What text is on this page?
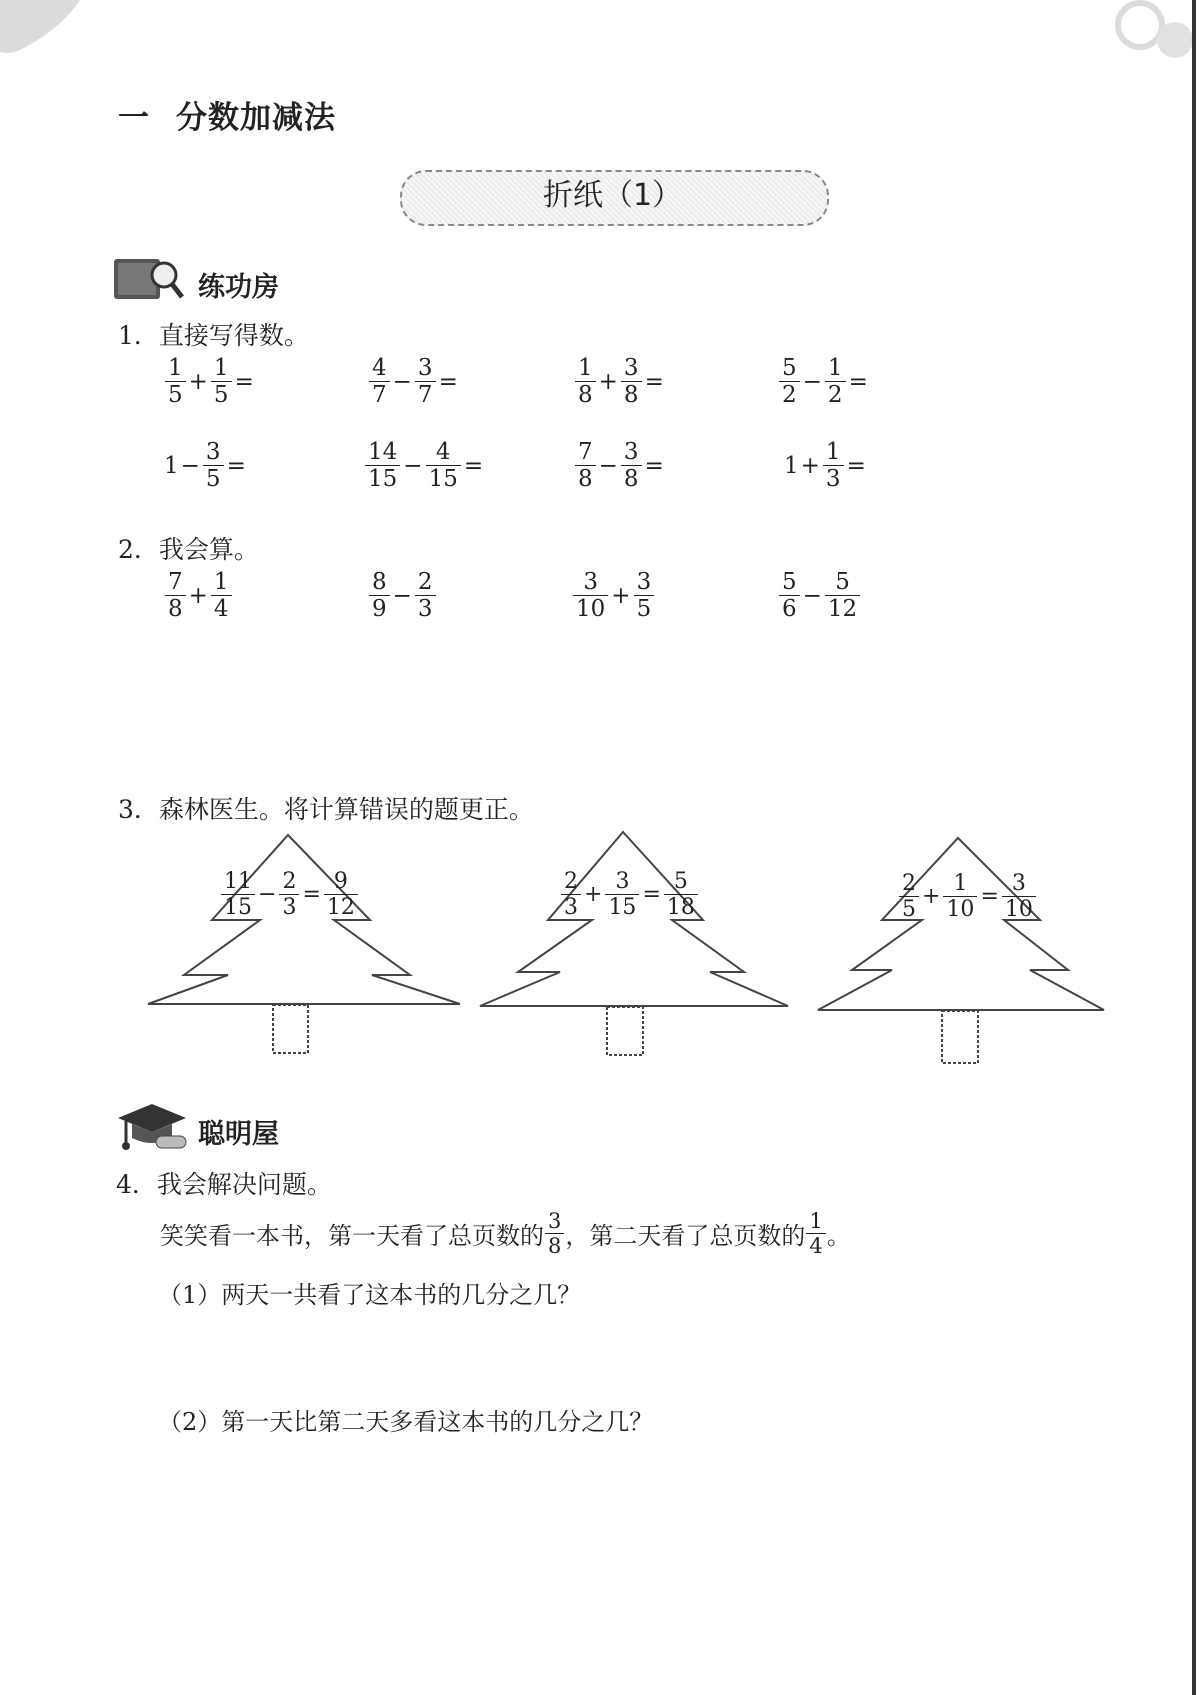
一 分数加减法
折纸（1）
练功房
1．直接写得数。
$\frac{1}{5} + \frac{1}{5}$ =	$\frac{4}{7} - \frac{3}{7}$ =	$\frac{1}{8} + \frac{3}{8}$ =	$\frac{5}{2} - \frac{1}{2}$ =
$1 - \frac{3}{5}$ =	$\frac{14}{15} - \frac{4}{15}$ =	$\frac{7}{8} - \frac{3}{8}$ =	$1 + \frac{1}{3}$ =
2．我会算。
$\frac{7}{8} + \frac{1}{4}$	$\frac{8}{9} - \frac{2}{3}$	$\frac{3}{10} + \frac{3}{5}$	$\frac{5}{6} - \frac{5}{12}$
3．森林医生。将计算错误的题更正。
$\frac{11}{15} - \frac{2}{3} = \frac{9}{12}$	$\frac{2}{3} + \frac{3}{15} = \frac{5}{18}$	$\frac{2}{5} + \frac{1}{10} = \frac{3}{10}$
聪明屋
4．我会解决问题。
笑笑看一本书，第一天看了总页数的 $\frac{3}{8}$ ，第二天看了总页数的 $\frac{1}{4}$ 。
（1）两天一共看了这本书的几分之几？
（2）第一天比第二天多看这本书的几分之几？
